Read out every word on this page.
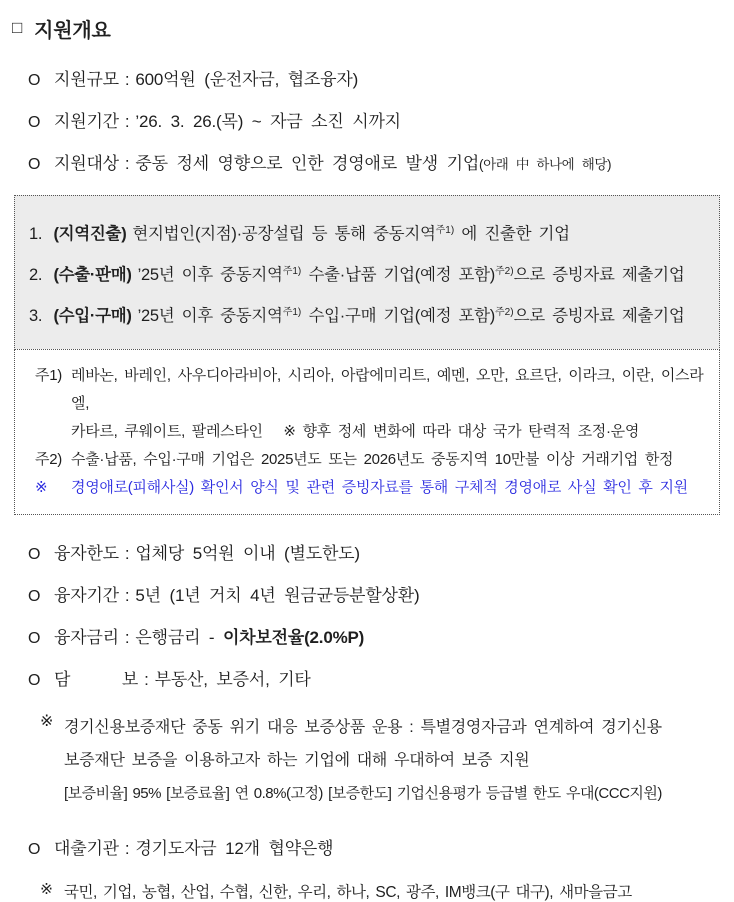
□ 지원개요
O 지원규모 : 600억원 (운전자금, 협조융자)
O 지원기간 : ’26. 3. 26.(목) ~ 자금 소진 시까지
O 지원대상 : 중동 정세 영향으로 인한 경영애로 발생 기업(아래 中 하나에 해당)
1. (지역진출) 현지법인(지점)·공장설립 등 통해 중동지역$^{주1)}$ 에 진출한 기업
2. (수출·판매) ’25년 이후 중동지역$^{주1)}$ 수출·납품 기업(예정 포함)$^{주2)}$으로 증빙자료 제출기업
3. (수입·구매) ’25년 이후 중동지역$^{주1)}$ 수입·구매 기업(예정 포함)$^{주2)}$으로 증빙자료 제출기업
주1) 레바논, 바레인, 사우디아라비아, 시리아, 아랍에미리트, 예멘, 오만, 요르단, 이라크, 이란, 이스라엘,
카타르, 쿠웨이트, 팔레스타인   ※ 향후 정세 변화에 따라 대상 국가 탄력적 조정·운영
주2) 수출·납품, 수입·구매 기업은 2025년도 또는 2026년도 중동지역 10만불 이상 거래기업 한정
※	경영애로(피해사실) 확인서 양식 및 관련 증빙자료를 통해 구체적 경영애로 사실 확인 후 지원
O 융자한도 : 업체당 5억원 이내 (별도한도)
O 융자기간 : 5년 (1년 거치 4년 원금균등분할상환)
O 융자금리 : 은행금리 - 이차보전율(2.0%P)
O 담      보 : 부동산, 보증서, 기타
※ 경기신용보증재단 중동 위기 대응 보증상품 운용 : 특별경영자금과 연계하여 경기신용
보증재단 보증을 이용하고자 하는 기업에 대해 우대하여 보증 지원
[보증비율] 95% [보증료율] 연 0.8%(고정) [보증한도] 기업신용평가 등급별 한도 우대(CCC지원)
O 대출기관 : 경기도자금 12개 협약은행
※ 국민, 기업, 농협, 산업, 수협, 신한, 우리, 하나, SC, 광주, IM뱅크(구 대구), 새마을금고
